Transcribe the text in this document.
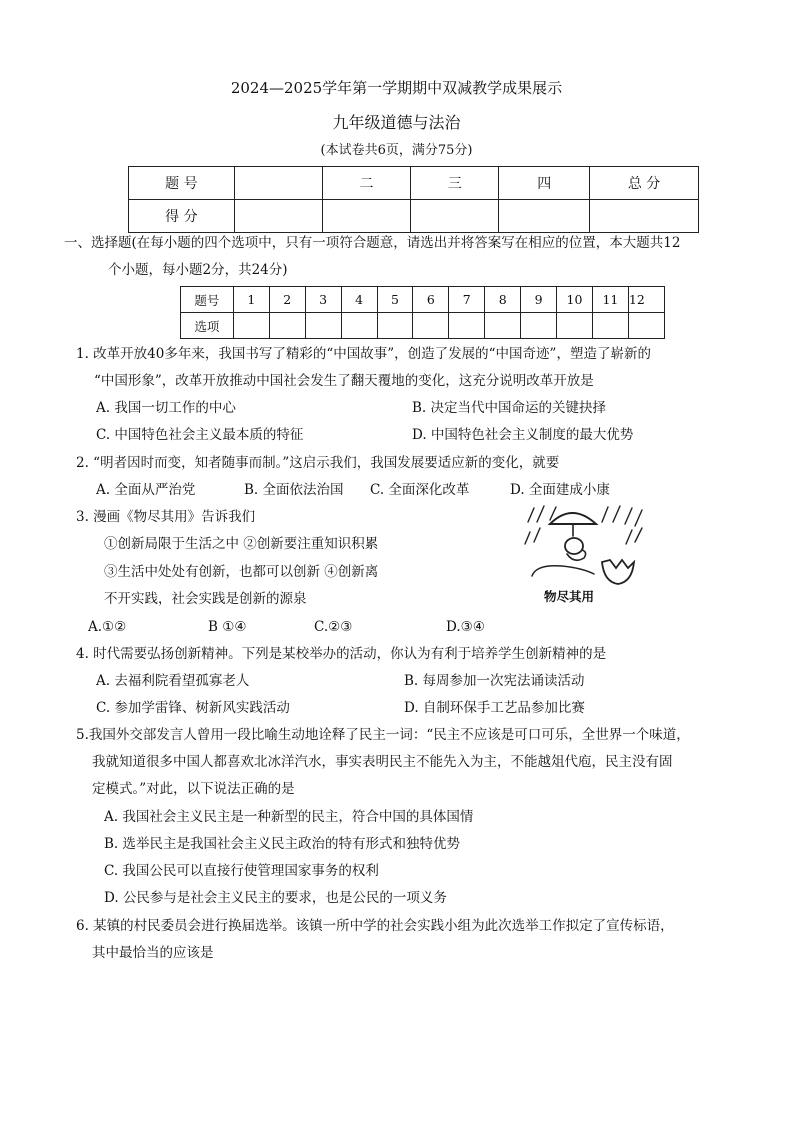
2024—2025学年第一学期期中双减教学成果展示
九年级道德与法治
(本试卷共6页，满分75分)
题 号		二	三	四	总 分
得 分					
一、选择题(在每小题的四个选项中，只有一项符合题意，请选出并将答案写在相应的位置，本大题共12
个小题，每小题2分，共24分)
题号	1	2	3	4	5	6	7	8	9	10	11	12
选项												
1. 改革开放40多年来，我国书写了精彩的“中国故事”，创造了发展的“中国奇迹”，塑造了崭新的
“中国形象”，改革开放推动中国社会发生了翻天覆地的变化，这充分说明改革开放是
A. 我国一切工作的中心	B. 决定当代中国命运的关键抉择
C. 中国特色社会主义最本质的特征	D. 中国特色社会主义制度的最大优势
2. “明者因时而变，知者随事而制。”这启示我们，我国发展要适应新的变化，就要
A. 全面从严治党	B. 全面依法治国 C. 全面深化改革	D. 全面建成小康
3. 漫画《物尽其用》告诉我们
①创新局限于生活之中 ②创新要注重知识积累
③生活中处处有创新，也都可以创新 ④创新离
不开实践，社会实践是创新的源泉
A.①②	B ①④	C.②③	D.③④
物尽其用
4. 时代需要弘扬创新精神。下列是某校举办的活动，你认为有利于培养学生创新精神的是
A. 去福利院看望孤寡老人	B. 每周参加一次宪法诵读活动
C. 参加学雷锋、树新风实践活动	D. 自制环保手工艺品参加比赛
5.我国外交部发言人曾用一段比喻生动地诠释了民主一词：“民主不应该是可口可乐，全世界一个味道，
我就知道很多中国人都喜欢北冰洋汽水，事实表明民主不能先入为主，不能越俎代庖，民主没有固
定模式。”对此，以下说法正确的是
A. 我国社会主义民主是一种新型的民主，符合中国的具体国情
B. 选举民主是我国社会主义民主政治的特有形式和独特优势
C. 我国公民可以直接行使管理国家事务的权利
D. 公民参与是社会主义民主的要求，也是公民的一项义务
6. 某镇的村民委员会进行换届选举。该镇一所中学的社会实践小组为此次选举工作拟定了宣传标语，
其中最恰当的应该是
